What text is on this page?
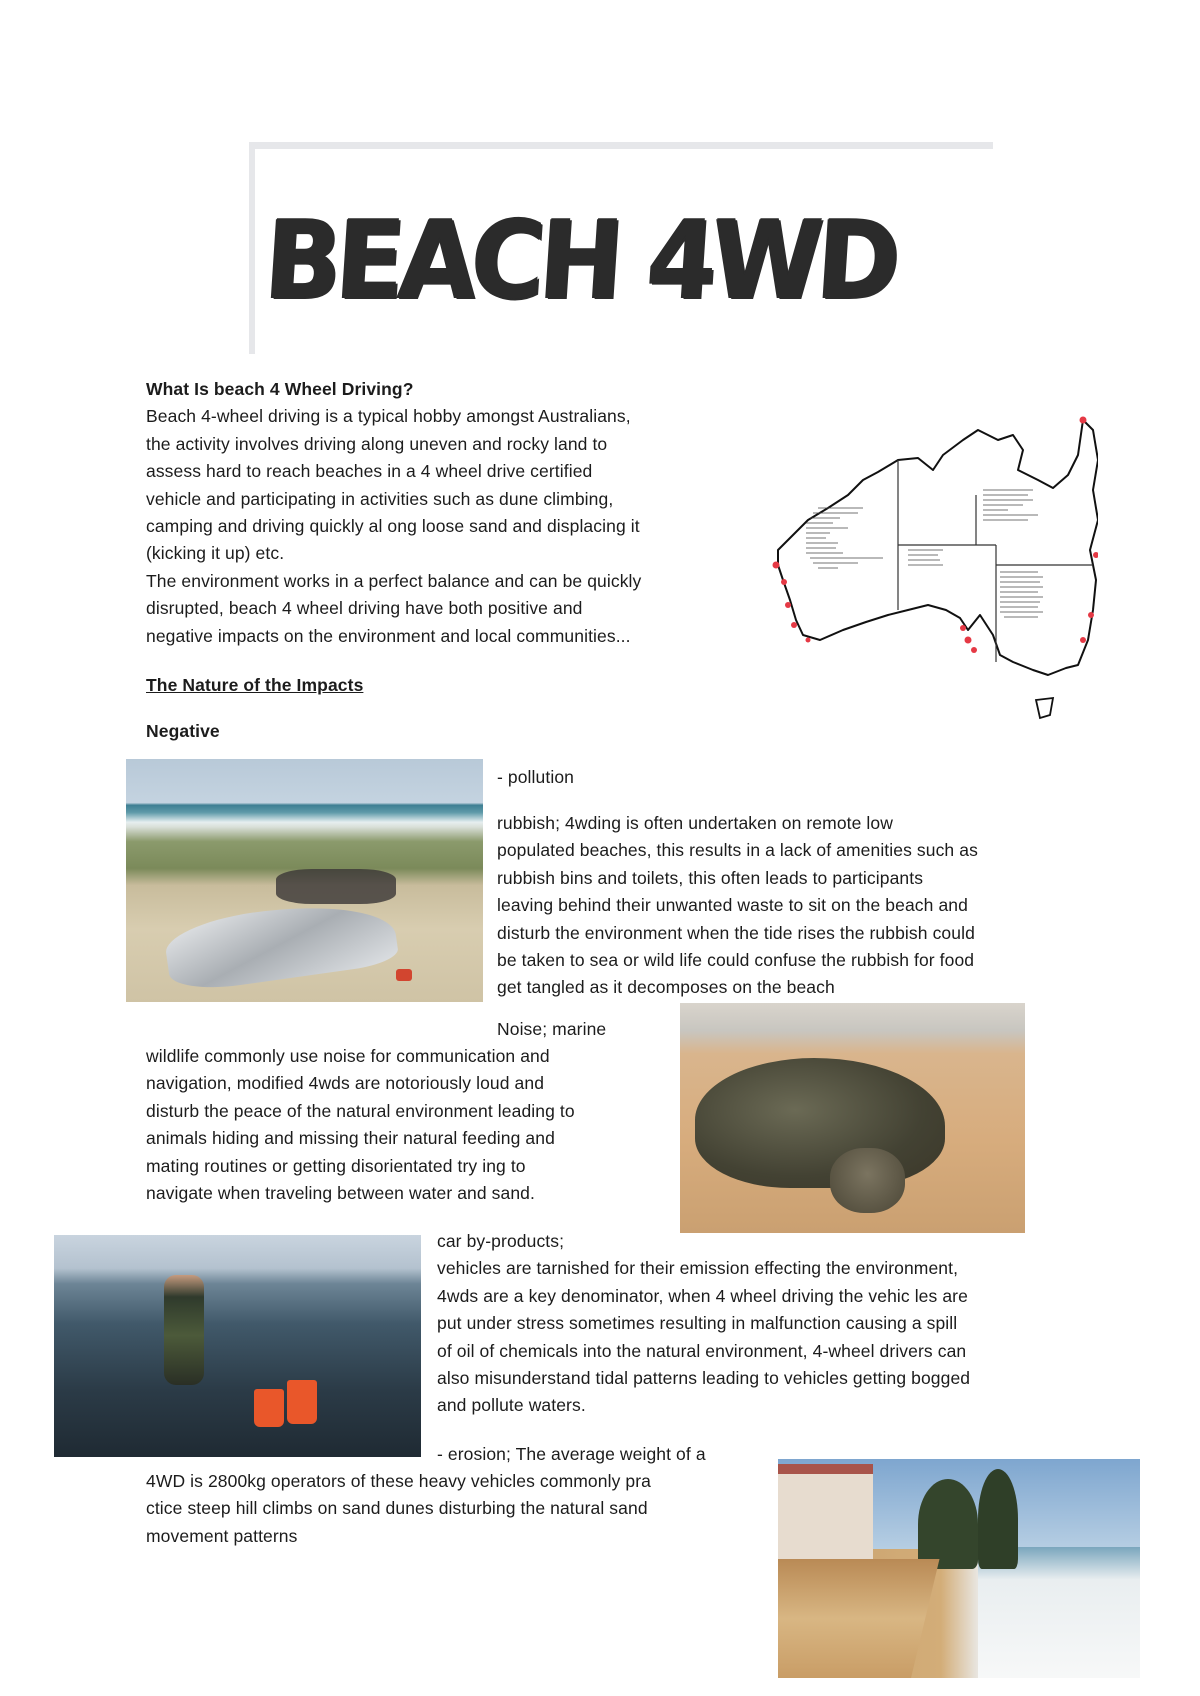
BEACH 4WD
What Is beach 4 Wheel Driving?
Beach 4-wheel driving is a typical hobby amongst Australians,
the activity involves driving along uneven and rocky land to
assess hard to reach beaches in a 4 wheel drive certified
vehicle and participating in activities such as dune climbing,
camping and driving quickly al ong loose sand and displacing it
(kicking it up) etc.
The environment works in a perfect balance and can be quickly
disrupted, beach 4 wheel driving have both positive and
negative impacts on the environment and local communities...
The Nature of the Impacts
Negative
- pollution
rubbish; 4wding is often undertaken on remote low
populated beaches, this results in a lack of amenities such as
rubbish bins and toilets, this often leads to participants
leaving behind their unwanted waste to sit on the beach and
disturb the environment when the tide rises the rubbish could
be taken to sea or wild life could confuse the rubbish for food
get tangled as it decomposes on the beach
Noise; marine
wildlife commonly use noise for communication and
navigation, modified 4wds are notoriously loud and
disturb the peace of the natural environment leading to
animals hiding and missing their natural feeding and
mating routines or getting disorientated try ing to
navigate when traveling between water and sand.
car by-products;
vehicles are tarnished for their emission effecting the environment,
4wds are a key denominator, when 4 wheel driving the vehic les are
put under stress sometimes resulting in malfunction causing a spill
of oil of chemicals into the natural environment, 4-wheel drivers can
also misunderstand tidal patterns leading to vehicles getting bogged
and pollute waters.
- erosion; The average weight of a
4WD is 2800kg operators of these heavy vehicles commonly pra
ctice steep hill climbs on sand dunes disturbing the natural sand
movement patterns
